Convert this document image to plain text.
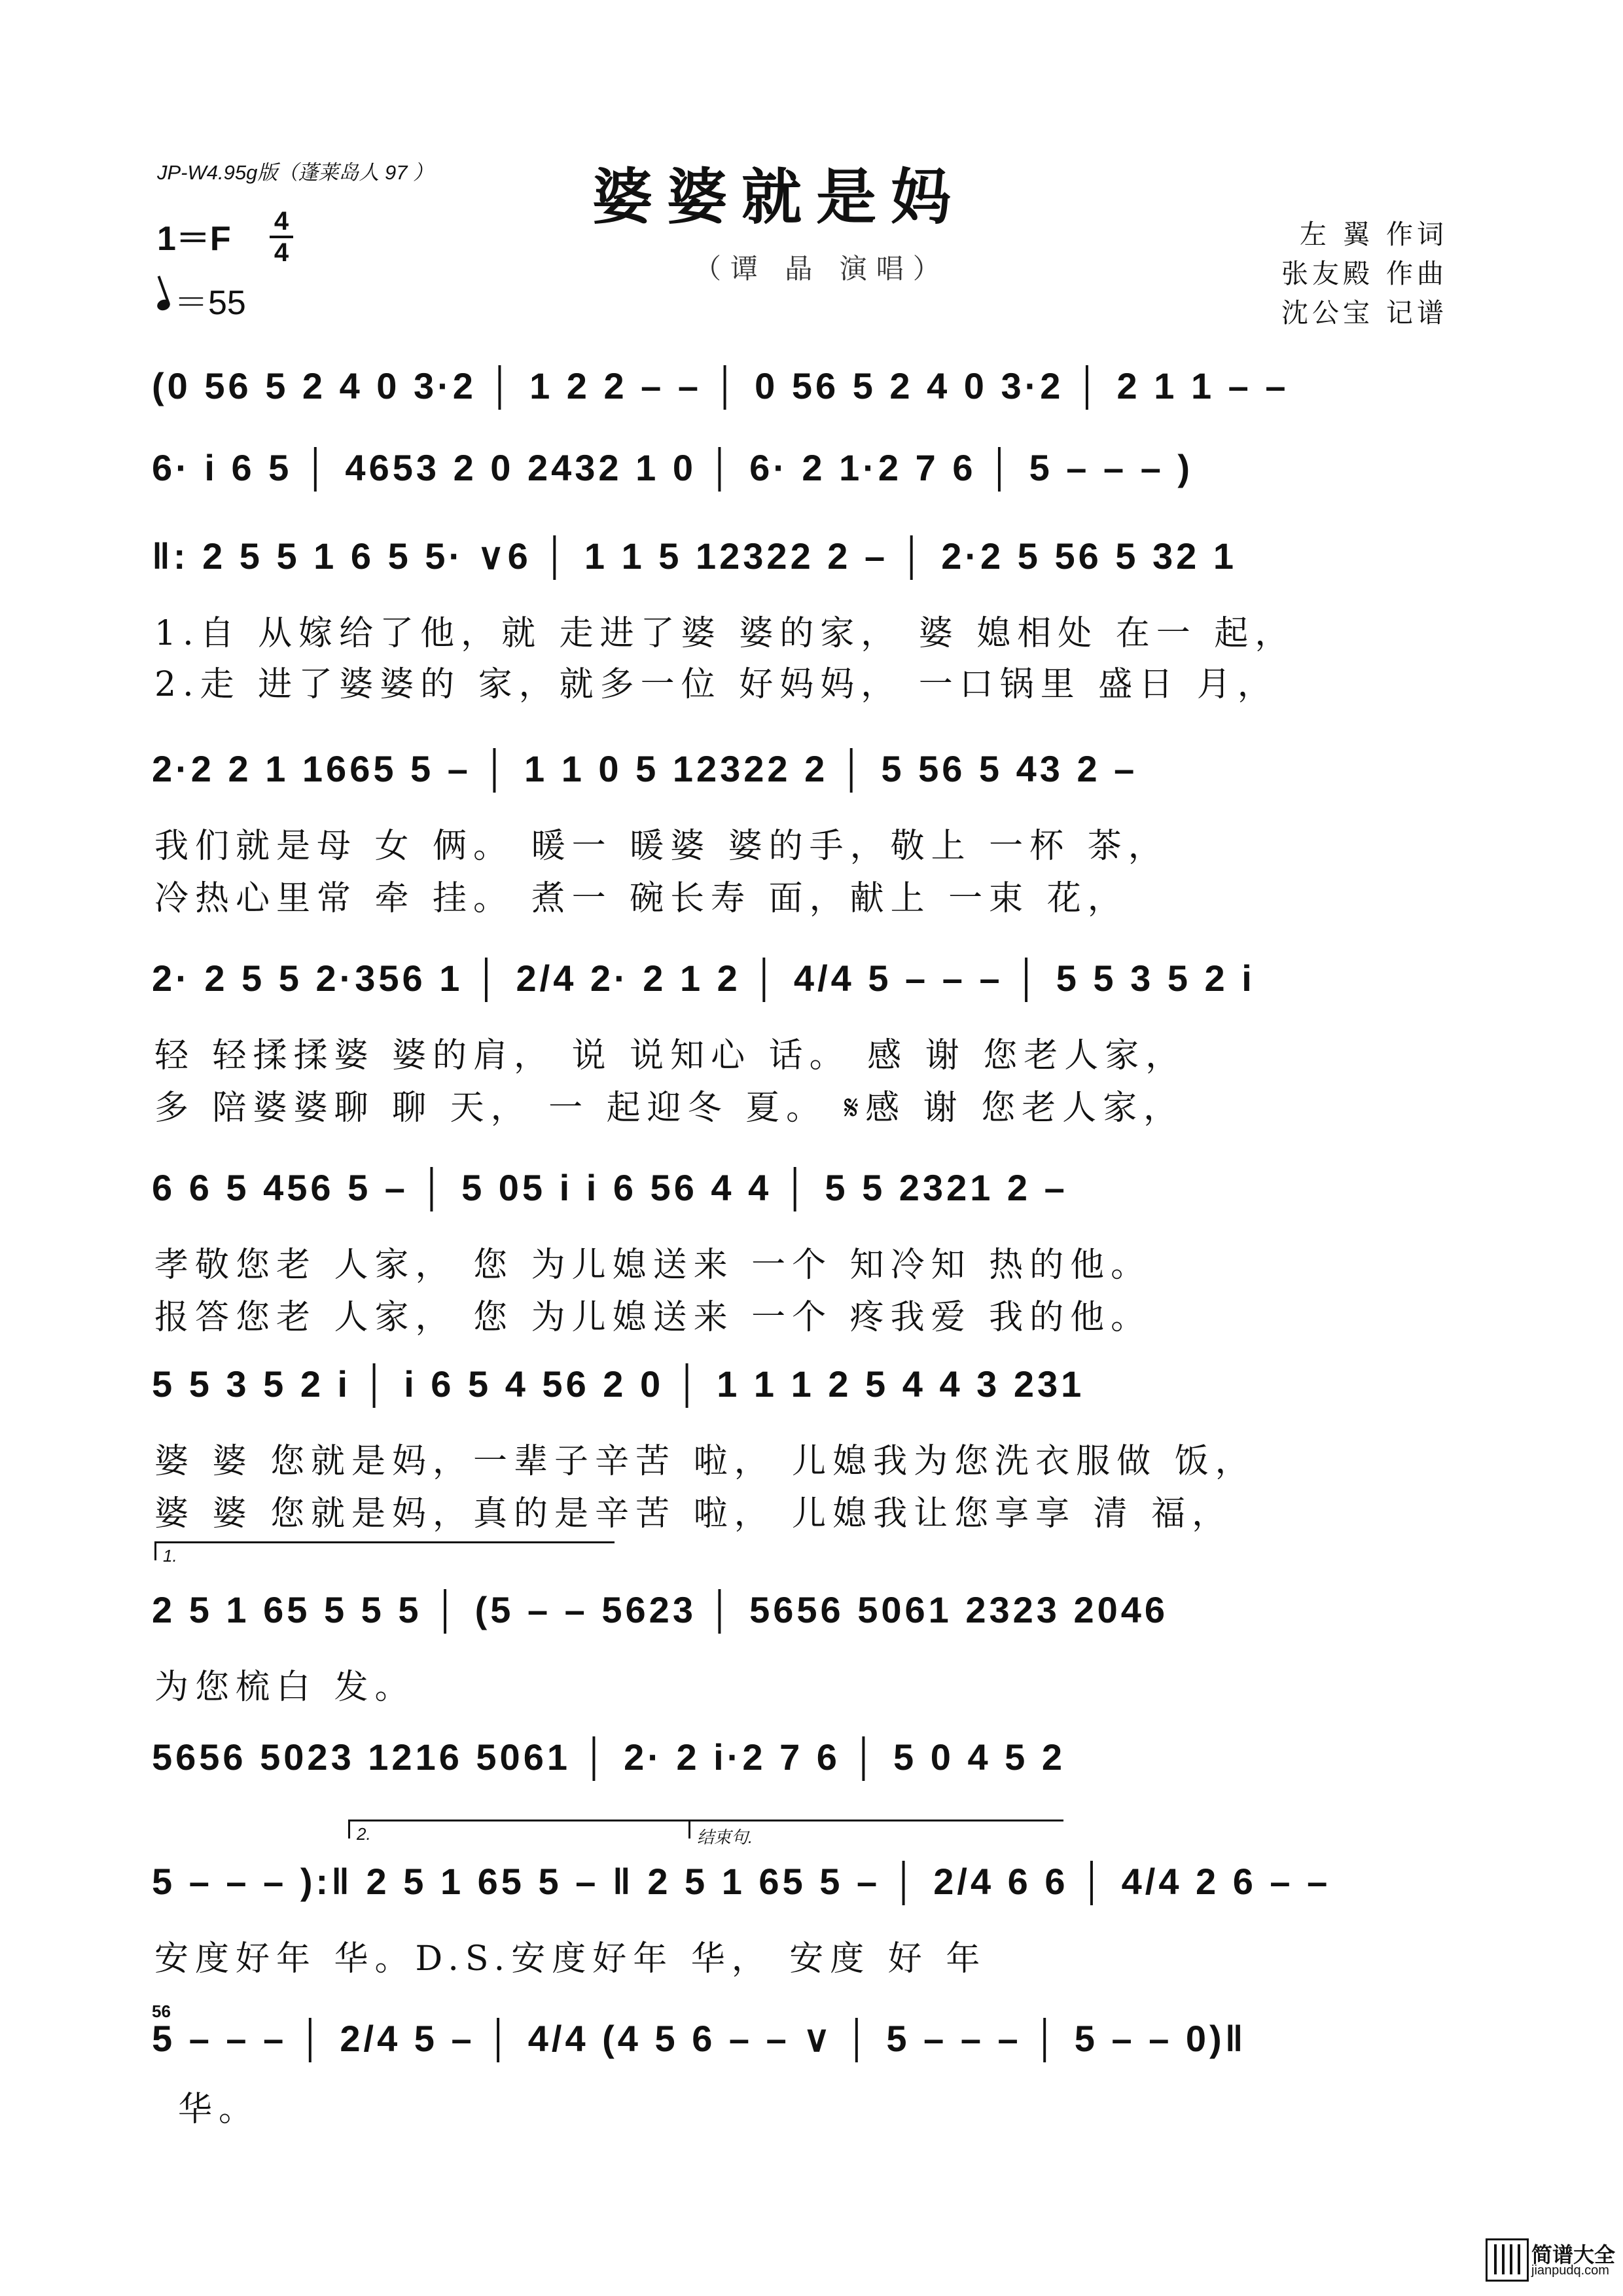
JP-W4.95g版（蓬莱岛人 97 ）	婆婆就是妈
（谭 晶 演唱）
左 翼 作词
张友殿 作曲
沈公宝 记谱
1＝F 4
4
＝55
(0 56 5 2 4 0 3·2 │ 1 2 2 – – │ 0 56 5 2 4 0 3·2 │ 2 1 1 – –
6· i 6 5 │ 4653 2 0 2432 1 0 │ 6· 2 1·2 7 6 │ 5 – – – )
‖: 2 5 5 1 6 5 5· ∨6 │ 1 1 5 12322 2 – │ 2·2 5 56 5 32 1
1.自 从嫁给了他，就 走进了婆 婆的家， 婆 媳相处 在一 起，
2.走 进了婆婆的 家，就多一位 好妈妈， 一口锅里 盛日 月，
2·2 2 1 1665 5 – │ 1 1 0 5 12322 2 │ 5 56 5 43 2 –
我们就是母 女 俩。 暖一 暖婆 婆的手，敬上 一杯 茶，
冷热心里常 牵 挂。 煮一 碗长寿 面，献上 一束 花，
2· 2 5 5 2·356 1 │ 2/4 2· 2 1 2 │ 4/4 5 – – – │ 5 5 3 5 2 i
轻 轻揉揉婆 婆的肩， 说 说知心 话。 感 谢 您老人家，
多 陪婆婆聊 聊 天， 一 起迎冬 夏。 𝄋感 谢 您老人家，
6 6 5 456 5 – │ 5 05 i i 6 56 4 4 │ 5 5 2321 2 –
孝敬您老 人家， 您 为儿媳送来 一个 知冷知 热的他。
报答您老 人家， 您 为儿媳送来 一个 疼我爱 我的他。
5 5 3 5 2 i │ i 6 5 4 56 2 0 │ 1 1 1 2 5 4 4 3 231
婆 婆 您就是妈，一辈子辛苦 啦， 儿媳我为您洗衣服做 饭，
婆 婆 您就是妈，真的是辛苦 啦， 儿媳我让您享享 清 福，
1.
2 5 1 65 5 5 5 │ (5 – – 5623 │ 5656 5061 2323 2046
为您梳白 发。
5656 5023 1216 5061 │ 2· 2 i·2 7 6 │ 5 0 4 5 2
2.	结束句.
5 – – – ):‖ 2 5 1 65 5 – ‖ 2 5 1 65 5 – │ 2/4 6 6 │ 4/4 2 6 – –
安度好年 华。D.S.安度好年 华， 安度 好 年
56
5 – – – │ 2/4 5 – │ 4/4 (4 5 6 – – ∨ │ 5 – – – │ 5 – – 0)‖
华。
简谱大全
jianpudq.com
